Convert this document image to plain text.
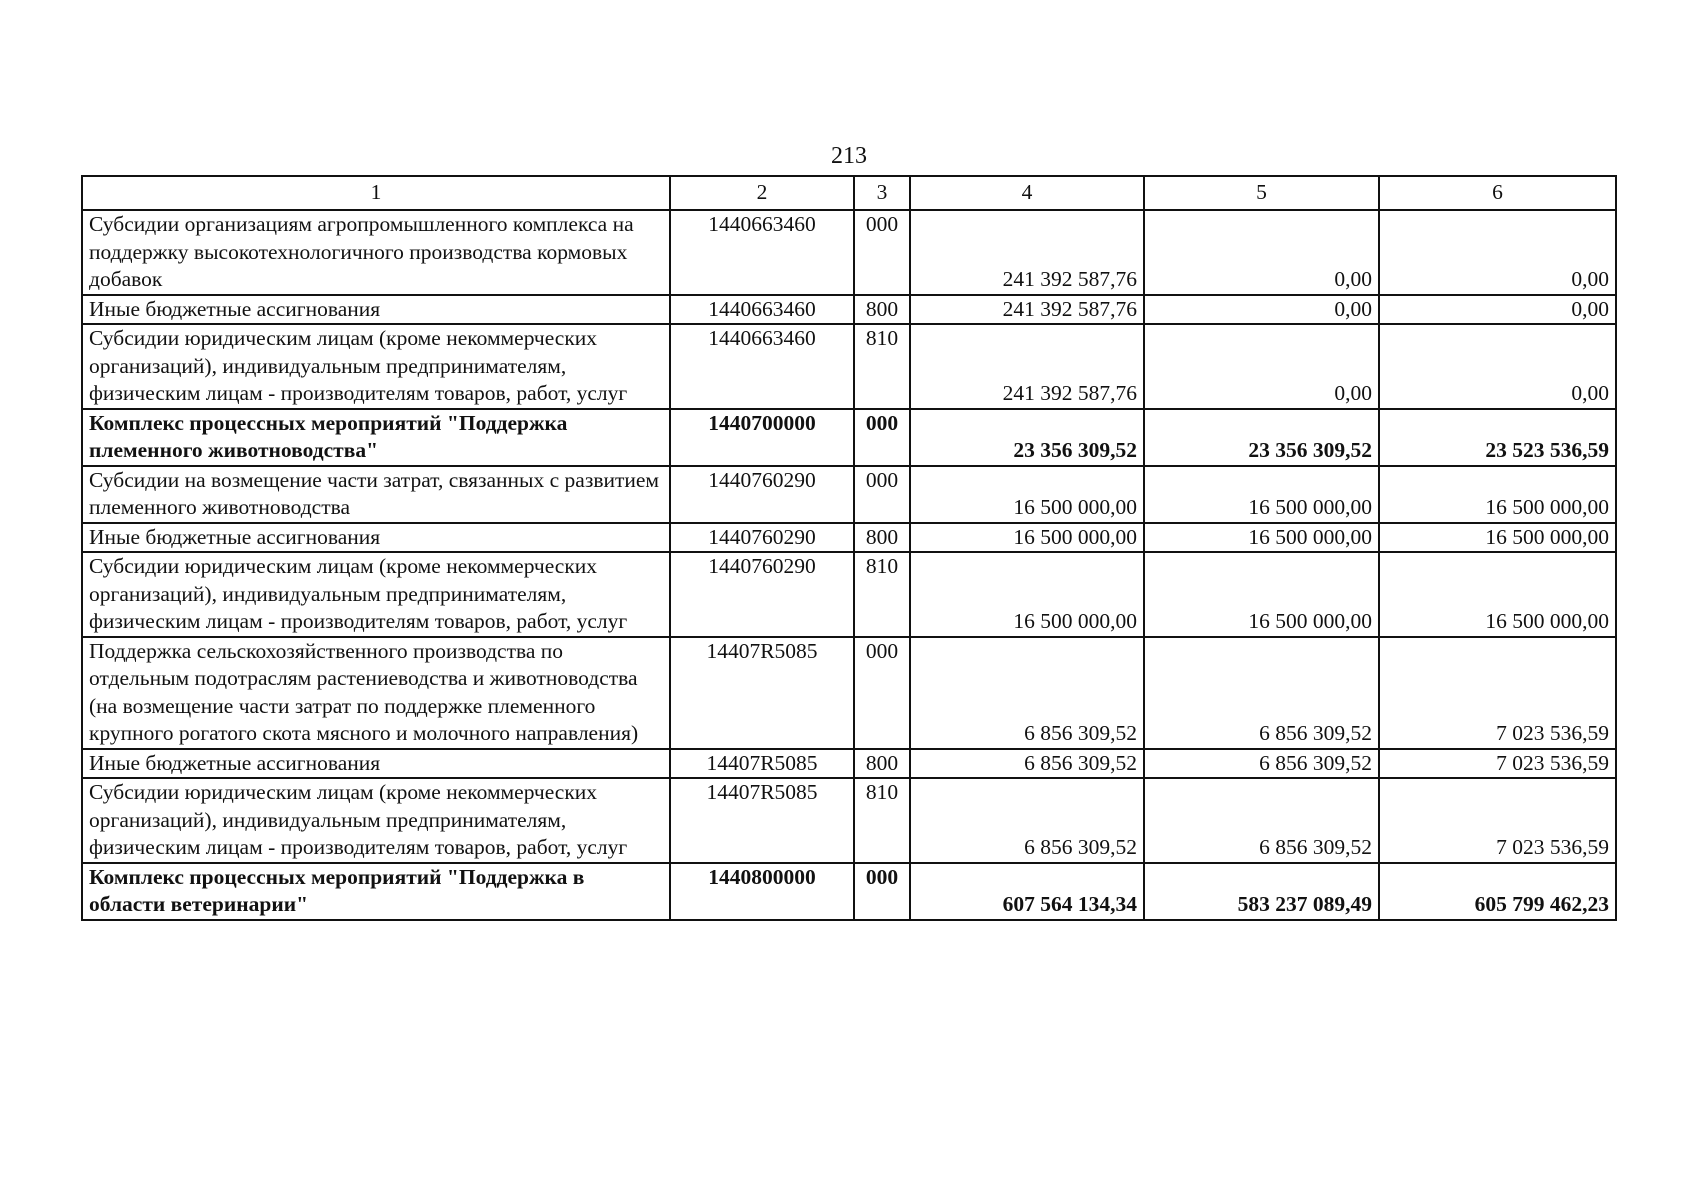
213
1	2	3	4	5	6
Субсидии организациям агропромышленного комплекса на поддержку высокотехнологичного производства кормовых добавок	1440663460	000	241 392 587,76	0,00	0,00
Иные бюджетные ассигнования	1440663460	800	241 392 587,76	0,00	0,00
Субсидии юридическим лицам (кроме некоммерческих организаций), индивидуальным предпринимателям, физическим лицам - производителям товаров, работ, услуг	1440663460	810	241 392 587,76	0,00	0,00
Комплекс процессных мероприятий "Поддержка племенного животноводства"	1440700000	000	23 356 309,52	23 356 309,52	23 523 536,59
Субсидии на возмещение части затрат, связанных с развитием племенного животноводства	1440760290	000	16 500 000,00	16 500 000,00	16 500 000,00
Иные бюджетные ассигнования	1440760290	800	16 500 000,00	16 500 000,00	16 500 000,00
Субсидии юридическим лицам (кроме некоммерческих организаций), индивидуальным предпринимателям, физическим лицам - производителям товаров, работ, услуг	1440760290	810	16 500 000,00	16 500 000,00	16 500 000,00
Поддержка сельскохозяйственного производства по отдельным подотраслям растениеводства и животноводства (на возмещение части затрат по поддержке племенного крупного рогатого скота мясного и молочного направления)	14407R5085	000	6 856 309,52	6 856 309,52	7 023 536,59
Иные бюджетные ассигнования	14407R5085	800	6 856 309,52	6 856 309,52	7 023 536,59
Субсидии юридическим лицам (кроме некоммерческих организаций), индивидуальным предпринимателям, физическим лицам - производителям товаров, работ, услуг	14407R5085	810	6 856 309,52	6 856 309,52	7 023 536,59
Комплекс процессных мероприятий "Поддержка в области ветеринарии"	1440800000	000	607 564 134,34	583 237 089,49	605 799 462,23
